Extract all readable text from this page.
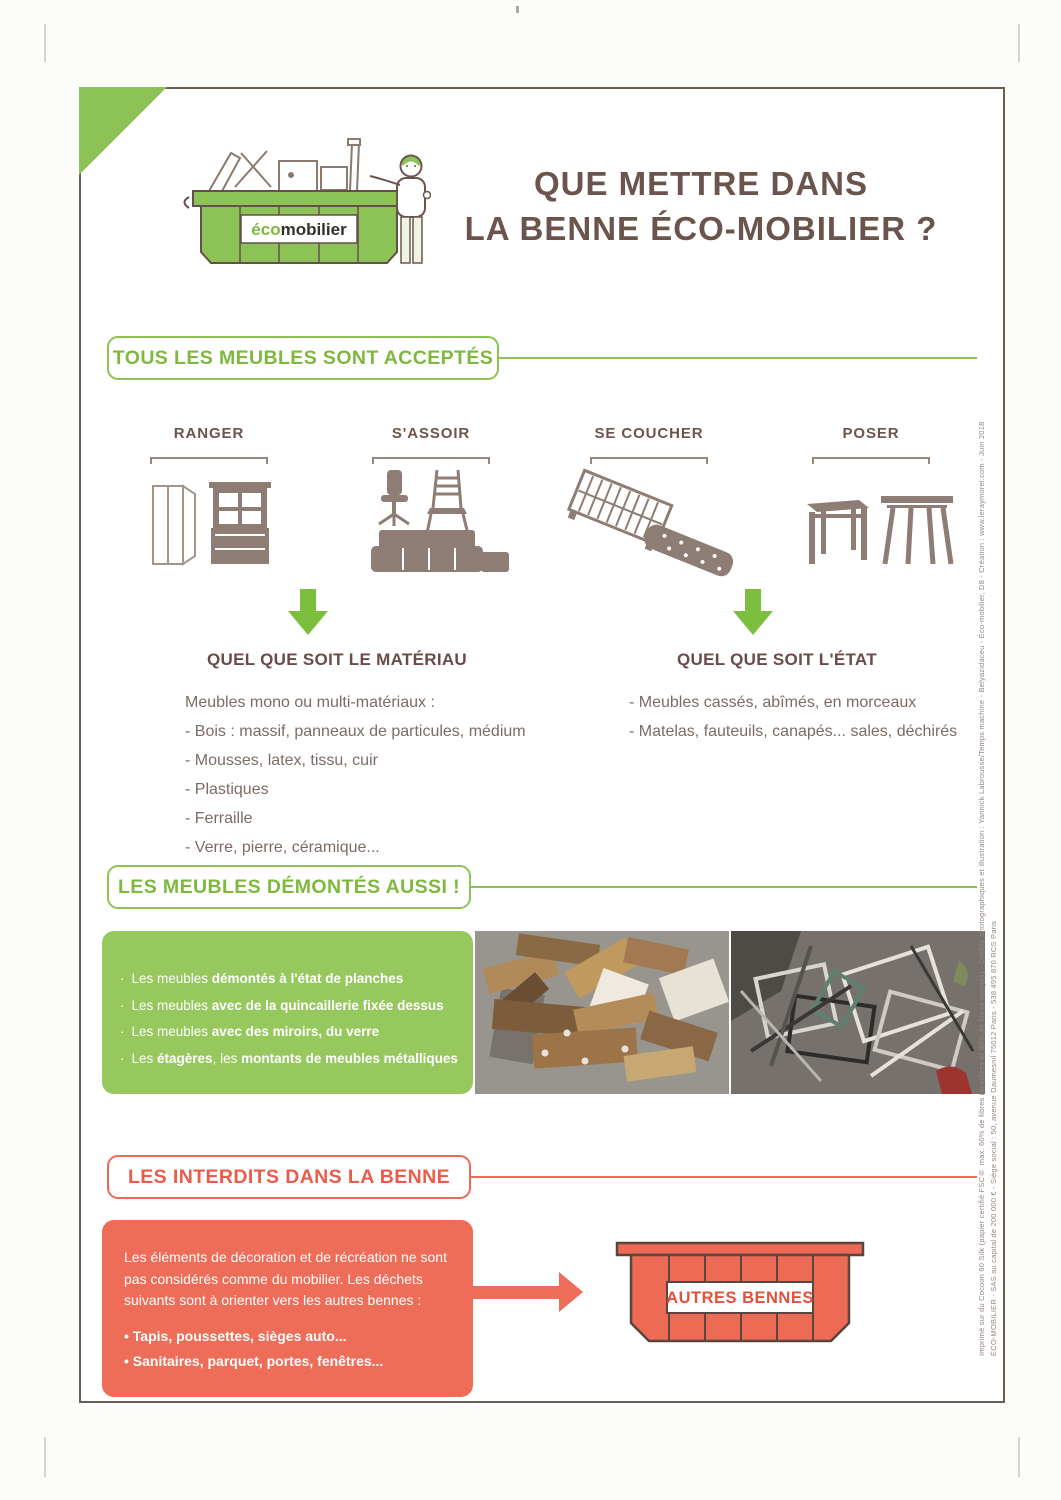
écomobilier
QUE METTRE DANS
LA BENNE ÉCO-MOBILIER ?
TOUS LES MEUBLES SONT ACCEPTÉS
RANGER	S'ASSOIR	SE COUCHER	POSER
QUEL QUE SOIT LE MATÉRIAU
Meubles mono ou multi-matériaux :
- Bois : massif, panneaux de particules, médium
- Mousses, latex, tissu, cuir
- Plastiques
- Ferraille
- Verre, pierre, céramique...
QUEL QUE SOIT L'ÉTAT
- Meubles cassés, abîmés, en morceaux
- Matelas, fauteuils, canapés... sales, déchirés
LES MEUBLES DÉMONTÉS AUSSI !
· Les meubles démontés à l'état de planches
· Les meubles avec de la quincaillerie fixée dessus
· Les meubles avec des miroirs, du verre
· Les étagères, les montants de meubles métalliques
LES INTERDITS DANS LA BENNE
Les éléments de décoration et de récréation ne sont pas considérés comme du mobilier. Les déchets suivants sont à orienter vers les autres bennes :
• Tapis, poussettes, sièges auto...
• Sanitaires, parquet, portes, fenêtres...
AUTRES BENNES	Imprimé sur du Cocoon 60 Silk (papier certifié FSC® max. 60% de fibres recyclées et 40% de fibres vierges) - Crédits photographiques et illustration : Yannick Labrousse/Temps machine - Belyazidaceu - Éco-mobilier, D8 - Création : www.leraymorel.com - Juin 2018 ÉCO-MOBILIER - SAS au capital de 200 000 € - Siège social : 50, avenue Daumesnil 75012 Paris - 538 495 870 RCS Paris
